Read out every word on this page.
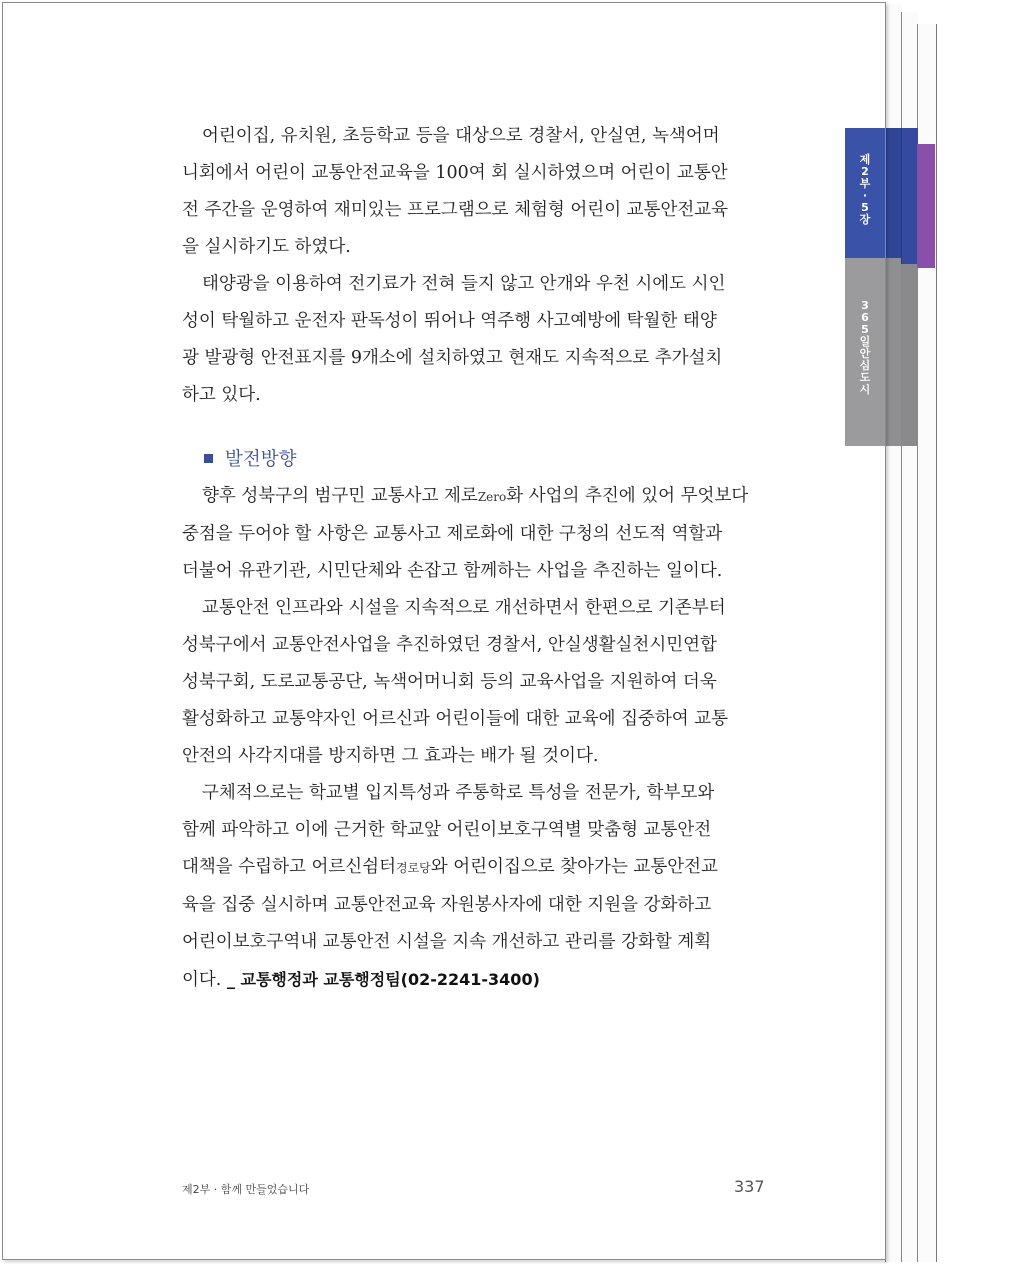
제
2
부
·
5
장
3
6
5
일
안
심
도
시

어린이집, 유치원, 초등학교 등을 대상으로 경찰서, 안실연, 녹색어머
니회에서 어린이 교통안전교육을 100여 회 실시하였으며 어린이 교통안
전 주간을 운영하여 재미있는 프로그램으로 체험형 어린이 교통안전교육
을 실시하기도 하였다.

태양광을 이용하여 전기료가 전혀 들지 않고 안개와 우천 시에도 시인
성이 탁월하고 운전자 판독성이 뛰어나 역주행 사고예방에 탁월한 태양
광 발광형 안전표지를 9개소에 설치하였고 현재도 지속적으로 추가설치
하고 있다.

발전방향

향후 성북구의 범구민 교통사고 제로Zero화 사업의 추진에 있어 무엇보다
중점을 두어야 할 사항은 교통사고 제로화에 대한 구청의 선도적 역할과
더불어 유관기관, 시민단체와 손잡고 함께하는 사업을 추진하는 일이다.

교통안전 인프라와 시설을 지속적으로 개선하면서 한편으로 기존부터
성북구에서 교통안전사업을 추진하였던 경찰서, 안실생활실천시민연합
성북구회, 도로교통공단, 녹색어머니회 등의 교육사업을 지원하여 더욱
활성화하고 교통약자인 어르신과 어린이들에 대한 교육에 집중하여 교통
안전의 사각지대를 방지하면 그 효과는 배가 될 것이다.

구체적으로는 학교별 입지특성과 주통학로 특성을 전문가, 학부모와
함께 파악하고 이에 근거한 학교앞 어린이보호구역별 맞춤형 교통안전
대책을 수립하고 어르신쉼터경로당와 어린이집으로 찾아가는 교통안전교
육을 집중 실시하며 교통안전교육 자원봉사자에 대한 지원을 강화하고
어린이보호구역내 교통안전 시설을 지속 개선하고 관리를 강화할 계획
이다. _ 교통행정과 교통행정팀(02-2241-3400)

제2부 · 함께 만들었습니다	337
